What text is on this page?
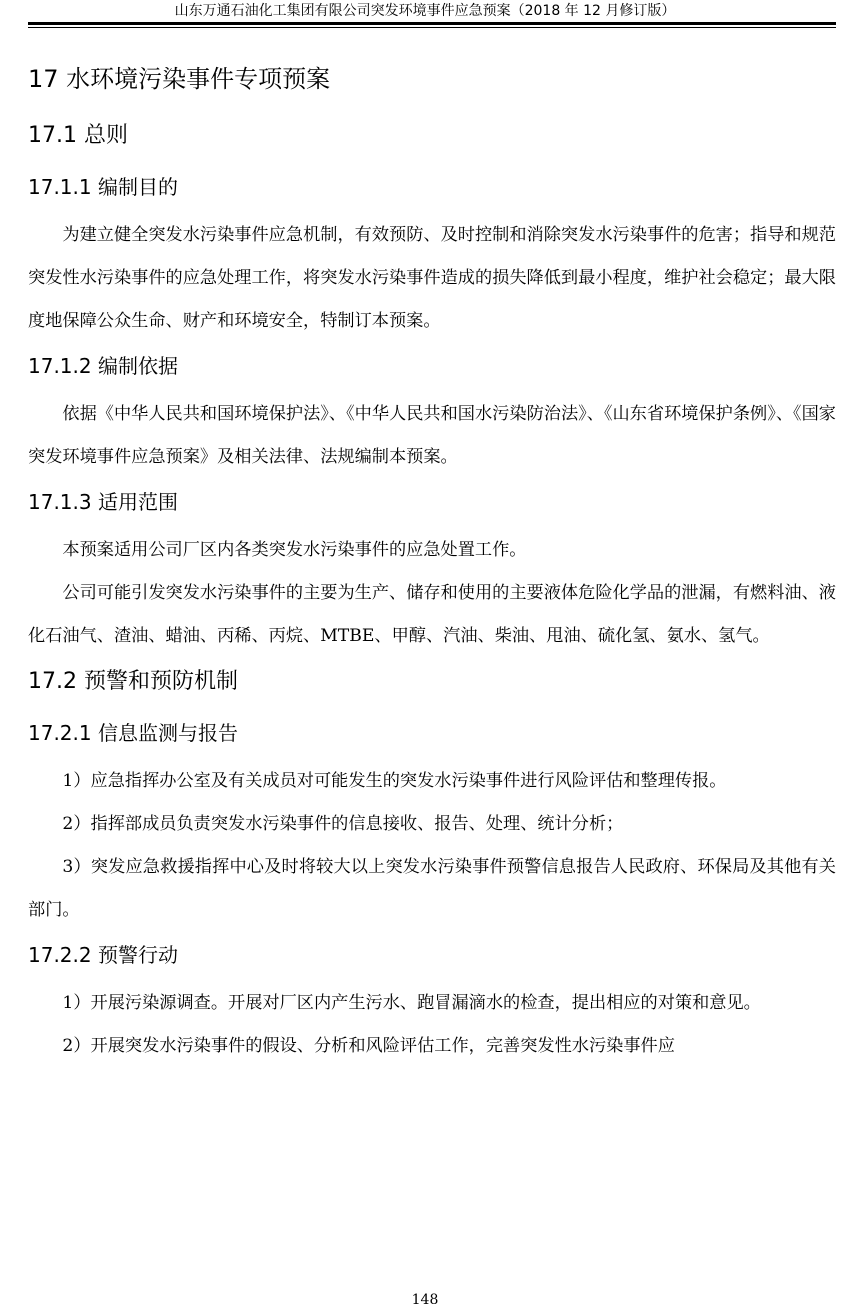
山东万通石油化工集团有限公司突发环境事件应急预案（2018 年 12 月修订版）
17 水环境污染事件专项预案
17.1 总则
17.1.1 编制目的

为建立健全突发水污染事件应急机制，有效预防、及时控制和消除突发水污染事件的危害；指导和规范突发性水污染事件的应急处理工作，将突发水污染事件造成的损失降低到最小程度，维护社会稳定；最大限度地保障公众生命、财产和环境安全，特制订本预案。

17.1.2 编制依据

依据《中华人民共和国环境保护法》、《中华人民共和国水污染防治法》、《山东省环境保护条例》、《国家突发环境事件应急预案》及相关法律、法规编制本预案。

17.1.3 适用范围

本预案适用公司厂区内各类突发水污染事件的应急处置工作。

公司可能引发突发水污染事件的主要为生产、储存和使用的主要液体危险化学品的泄漏，有燃料油、液化石油气、渣油、蜡油、丙稀、丙烷、MTBE、甲醇、汽油、柴油、甩油、硫化氢、氨水、氢气。

17.2 预警和预防机制
17.2.1 信息监测与报告

1）应急指挥办公室及有关成员对可能发生的突发水污染事件进行风险评估和整理传报。

2）指挥部成员负责突发水污染事件的信息接收、报告、处理、统计分析；

3）突发应急救援指挥中心及时将较大以上突发水污染事件预警信息报告人民政府、环保局及其他有关部门。

17.2.2 预警行动

1）开展污染源调查。开展对厂区内产生污水、跑冒漏滴水的检查，提出相应的对策和意见。

2）开展突发水污染事件的假设、分析和风险评估工作，完善突发性水污染事件应

148
